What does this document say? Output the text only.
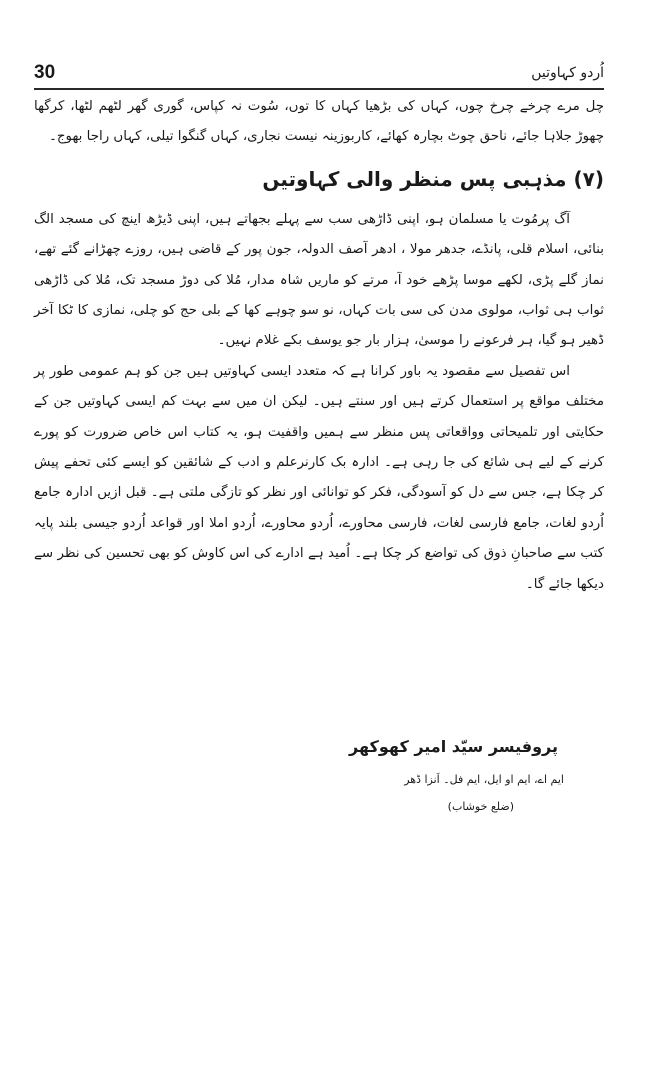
30	اُردو کہاوتیں

چل مرے چرخے چرخ چوں، کہاں کی بڑھیا کہاں کا توں، سُوت نہ کپاس، گوری گھر لٹھم لٹھا، کرگھا چھوڑ جلاہا جائے، ناحق چوٹ بچارہ کھائے، کاربوزینہ نیست نجاری، کہاں گنگوا تیلی، کہاں راجا بھوج۔

(۷) مذہبی پس منظر والی کہاوتیں

آگ پرمُوت یا مسلمان ہو، اپنی ڈاڑھی سب سے پہلے بجھاتے ہیں، اپنی ڈیڑھ اینچ کی مسجد الگ بنائی، اسلام قلی، پانڈے، جدھر مولا ، ادھر آصف الدولہ، جون پور کے قاضی ہیں، روزے چھڑانے گئے تھے، نماز گلے پڑی، لکھے موسا پڑھے خود آ، مرتے کو ماریں شاہ مدار، مُلا کی دوڑ مسجد تک، مُلا کی ڈاڑھی ثواب ہی ثواب، مولوی مدن کی سی بات کہاں، نو سو چوہے کھا کے بلی حج کو چلی، نمازی کا ٹکا آخر ڈھیر ہو گیا، ہر فرعونے را موسیٰ، ہزار بار جو یوسف بکے غلام نہیں۔

اس تفصیل سے مقصود یہ باور کرانا ہے کہ متعدد ایسی کہاوتیں ہیں جن کو ہم عمومی طور پر مختلف مواقع پر استعمال کرتے ہیں اور سنتے ہیں۔ لیکن ان میں سے بہت کم ایسی کہاوتیں جن کے حکایتی اور تلمیحاتی وواقعاتی پس منظر سے ہمیں واقفیت ہو، یہ کتاب اس خاص ضرورت کو پورے کرنے کے لیے ہی شائع کی جا رہی ہے۔ ادارہ بک کارنرعلم و ادب کے شائقین کو ایسے کئی تحفے پیش کر چکا ہے، جس سے دل کو آسودگی، فکر کو توانائی اور نظر کو تازگی ملتی ہے۔ قبل ازیں ادارہ جامع اُردو لغات، جامع فارسی لغات، فارسی محاورے، اُردو محاورے، اُردو املا اور قواعد اُردو جیسی بلند پایہ کتب سے صاحبانِ ذوق کی تواضع کر چکا ہے۔ اُمید ہے ادارے کی اس کاوش کو بھی تحسین کی نظر سے دیکھا جائے گا۔

پروفیسر سیّد امیر کھوکھر

ایم اے، ایم او ایل، ایم فل۔ اَنزا ڈھر

(ضلع خوشاب)
